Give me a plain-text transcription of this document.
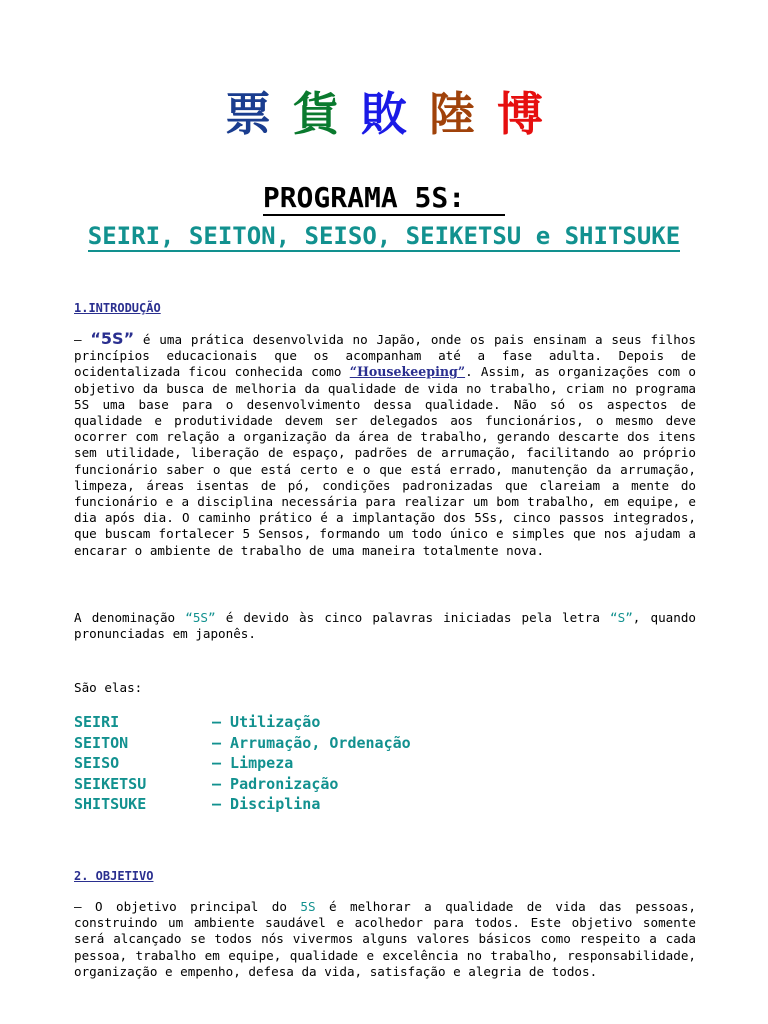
票 貨 敗 陸 博
PROGRAMA 5S:
SEIRI, SEITON, SEISO, SEIKETSU e SHITSUKE
1.INTRODUÇÃO

– “5S” é uma prática desenvolvida no Japão, onde os pais ensinam a seus filhos princípios educacionais que os acompanham até a fase adulta. Depois de ocidentalizada ficou conhecida como “Housekeeping”. Assim, as organizações com o objetivo da busca de melhoria da qualidade de vida no trabalho, criam no programa 5S uma base para o desenvolvimento dessa qualidade. Não só os aspectos de qualidade e produtividade devem ser delegados aos funcionários, o mesmo deve ocorrer com relação a organização da área de trabalho, gerando descarte dos itens sem utilidade, liberação de espaço, padrões de arrumação, facilitando ao próprio funcionário saber o que está certo e o que está errado, manutenção da arrumação, limpeza, áreas isentas de pó, condições padronizadas que clareiam a mente do funcionário e a disciplina necessária para realizar um bom trabalho, em equipe, e dia após dia. O caminho prático é a implantação dos 5Ss, cinco passos integrados, que buscam fortalecer 5 Sensos, formando um todo único e simples que nos ajudam a encarar o ambiente de trabalho de uma maneira totalmente nova.

A denominação “5S” é devido às cinco palavras iniciadas pela letra “S”, quando pronunciadas em japonês.

São elas:
SEIRI	– Utilização
SEITON	– Arrumação, Ordenação
SEISO	– Limpeza
SEIKETSU	– Padronização
SHITSUKE	– Disciplina
2. OBJETIVO

– O objetivo principal do 5S é melhorar a qualidade de vida das pessoas, construindo um ambiente saudável e acolhedor para todos. Este objetivo somente será alcançado se todos nós vivermos alguns valores básicos como respeito a cada pessoa, trabalho em equipe, qualidade e excelência no trabalho, responsabilidade, organização e empenho, defesa da vida, satisfação e alegria de todos.
